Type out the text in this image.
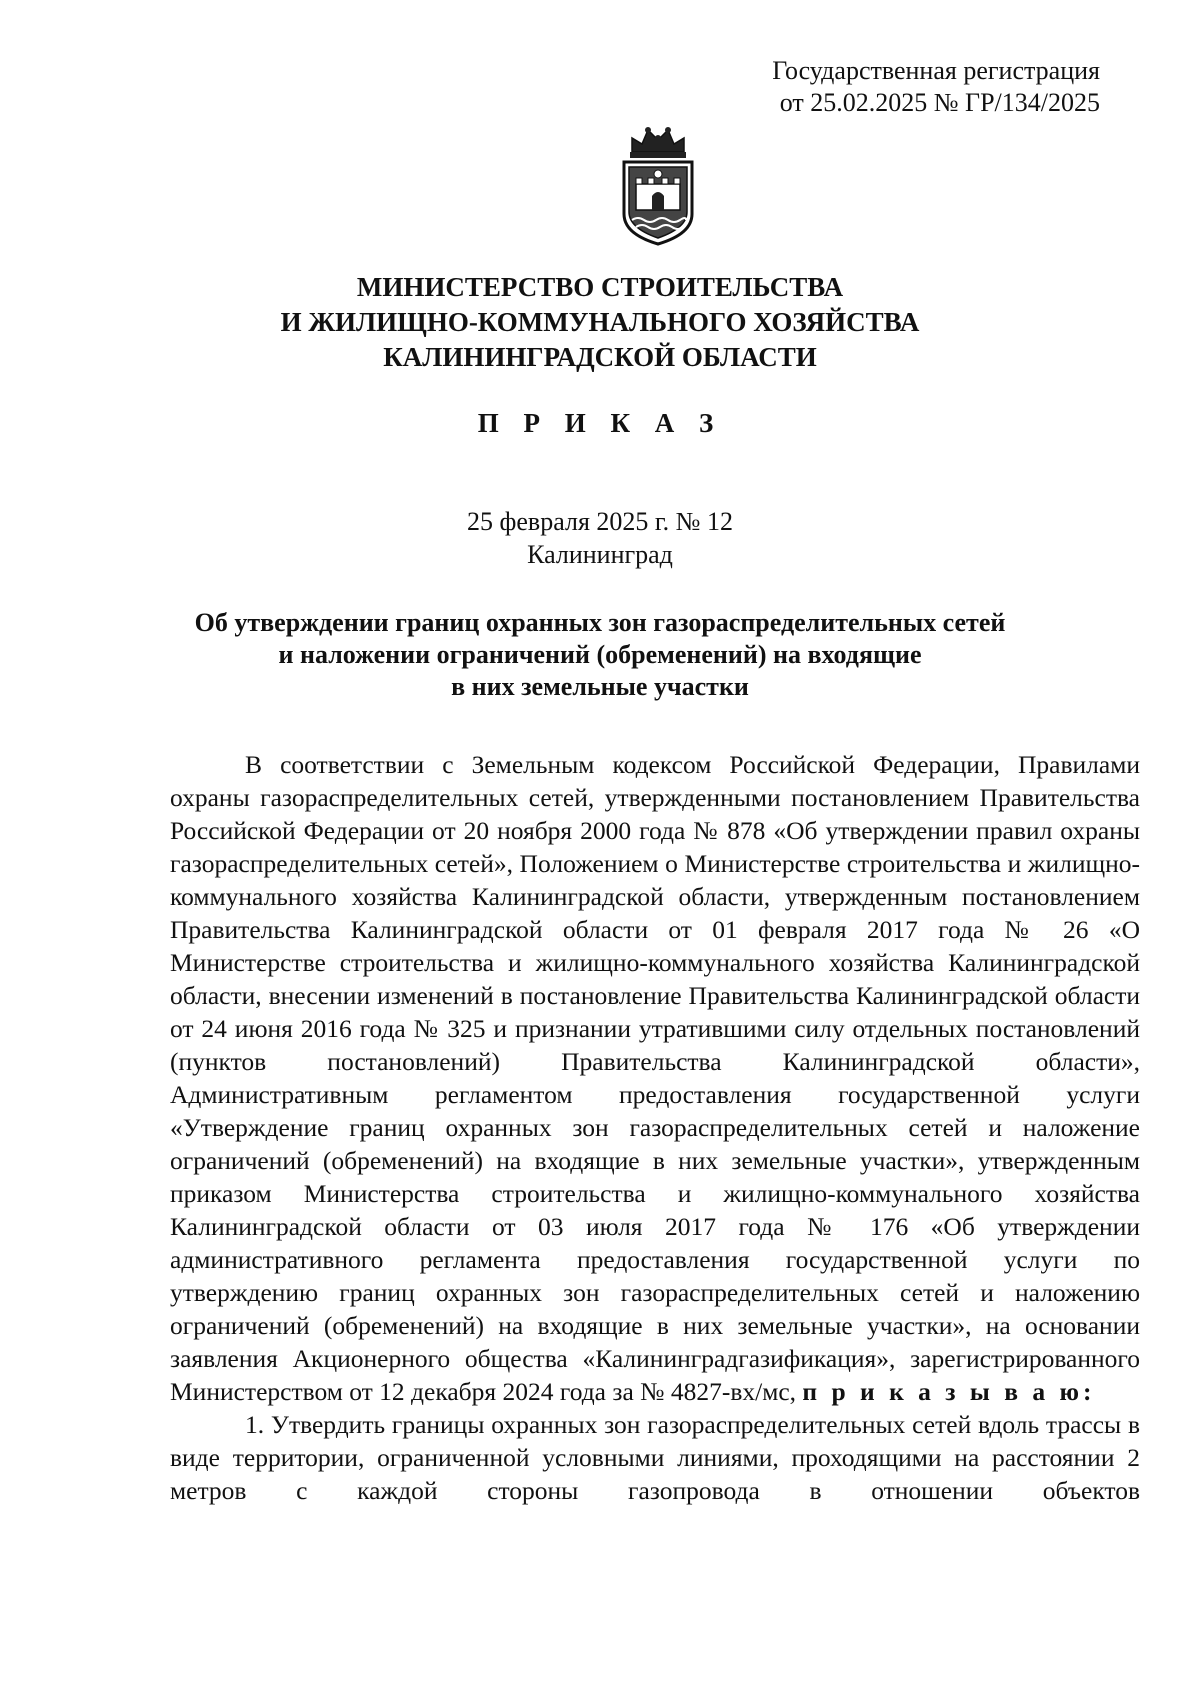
Государственная регистрация
от 25.02.2025 № ГР/134/2025
МИНИСТЕРСТВО СТРОИТЕЛЬСТВА
И ЖИЛИЩНО-КОММУНАЛЬНОГО ХОЗЯЙСТВА
КАЛИНИНГРАДСКОЙ ОБЛАСТИ
П Р И К А З
25 февраля 2025 г. № 12
Калининград
Об утверждении границ охранных зон газораспределительных сетей
и наложении ограничений (обременений) на входящие
в них земельные участки

В соответствии с Земельным кодексом Российской Федерации, Правилами охраны газораспределительных сетей, утвержденными постановлением Правительства Российской Федерации от 20 ноября 2000 года № 878 «Об утверждении правил охраны газораспределительных сетей», Положением о Министерстве строительства и жилищно-коммунального хозяйства Калининградской области, утвержденным постановлением Правительства Калининградской области от 01 февраля 2017 года № 26 «О Министерстве строительства и жилищно-коммунального хозяйства Калининградской области, внесении изменений в постановление Правительства Калининградской области от 24 июня 2016 года № 325 и признании утратившими силу отдельных постановлений (пунктов постановлений) Правительства Калининградской области», Административным регламентом предоставления государственной услуги «Утверждение границ охранных зон газораспределительных сетей и наложение ограничений (обременений) на входящие в них земельные участки», утвержденным приказом Министерства строительства и жилищно-коммунального хозяйства Калининградской области от 03 июля 2017 года № 176 «Об утверждении административного регламента предоставления государственной услуги по утверждению границ охранных зон газораспределительных сетей и наложению ограничений (обременений) на входящие в них земельные участки», на основании заявления Акционерного общества «Калининградгазификация», зарегистрированного Министерством от 12 декабря 2024 года за № 4827-вх/мс, п р и к а з ы в а ю:

1. Утвердить границы охранных зон газораспределительных сетей вдоль трассы в виде территории, ограниченной условными линиями, проходящими на расстоянии 2 метров с каждой стороны газопровода в отношении объектов
